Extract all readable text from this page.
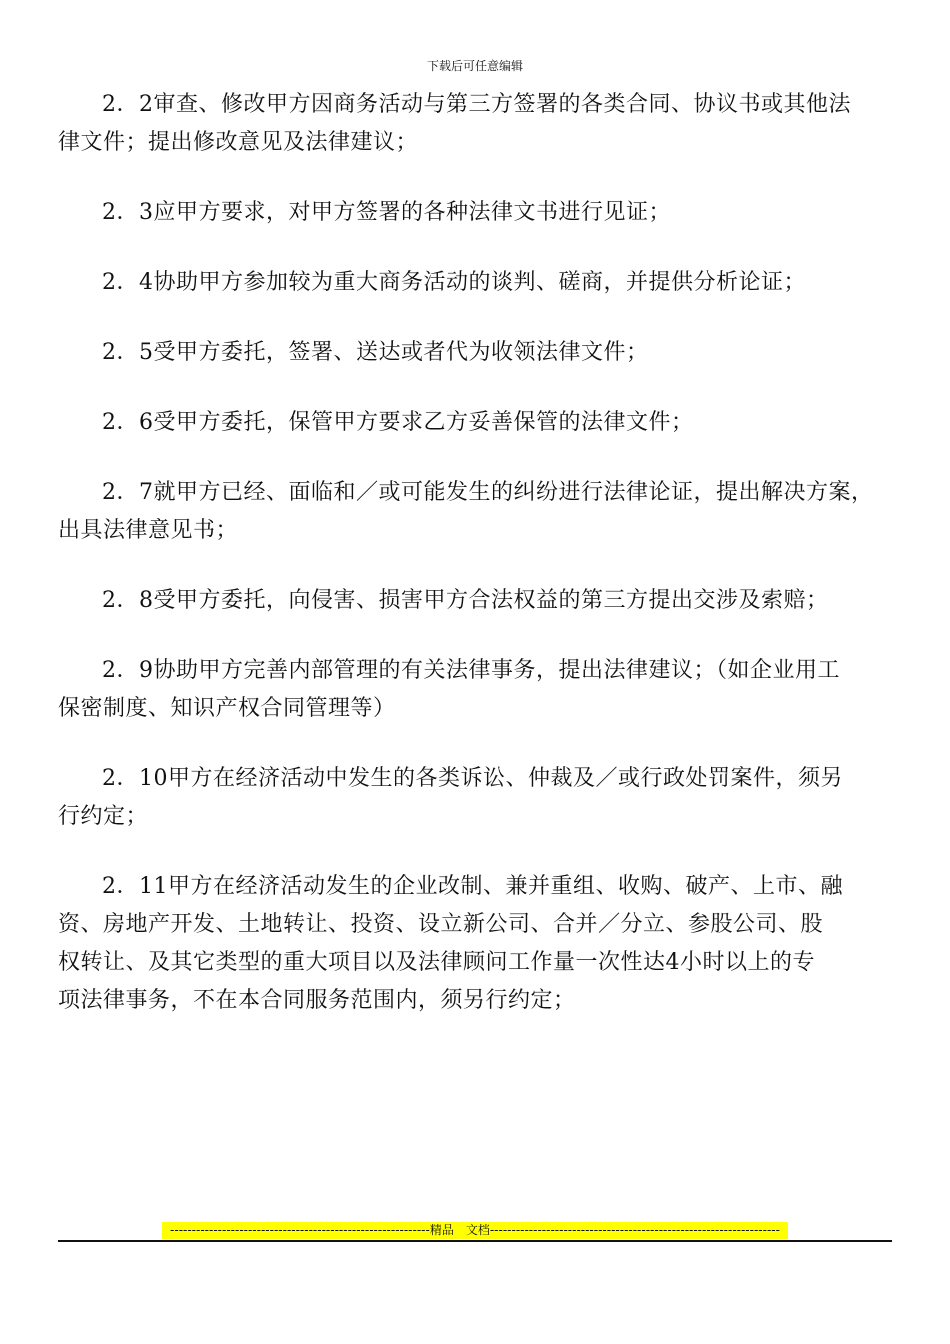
下载后可任意编辑

2．2审查、修改甲方因商务活动与第三方签署的各类合同、协议书或其他法
律文件；提出修改意见及法律建议；

2．3应甲方要求，对甲方签署的各种法律文书进行见证；

2．4协助甲方参加较为重大商务活动的谈判、磋商，并提供分析论证；

2．5受甲方委托，签署、送达或者代为收领法律文件；

2．6受甲方委托，保管甲方要求乙方妥善保管的法律文件；

2．7就甲方已经、面临和／或可能发生的纠纷进行法律论证，提出解决方案，
出具法律意见书；

2．8受甲方委托，向侵害、损害甲方合法权益的第三方提出交涉及索赔；

2．9协助甲方完善内部管理的有关法律事务，提出法律建议；（如企业用工
保密制度、知识产权合同管理等）

2．10甲方在经济活动中发生的各类诉讼、仲裁及／或行政处罚案件，须另
行约定；

2．11甲方在经济活动发生的企业改制、兼并重组、收购、破产、上市、融
资、房地产开发、土地转让、投资、设立新公司、合并／分立、参股公司、股
权转让、及其它类型的重大项目以及法律顾问工作量一次性达4小时以上的专
项法律事务，不在本合同服务范围内，须另行约定；

------------------------------------------------------------精品　文档-------------------------------------------------------------------
